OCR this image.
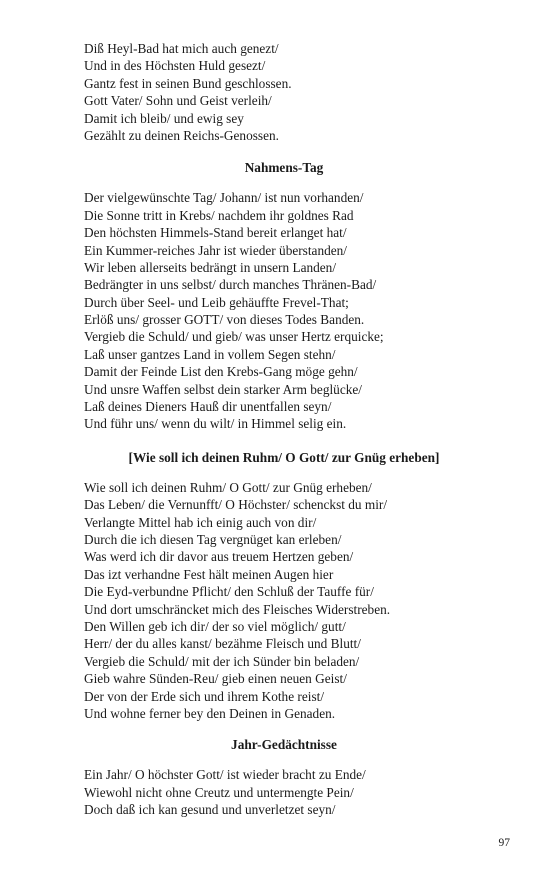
Diß Heyl-Bad hat mich auch genezt/
Und in des Höchsten Huld gesezt/
Gantz fest in seinen Bund geschlossen.
Gott Vater/ Sohn und Geist verleih/
Damit ich bleib/ und ewig sey
Gezählt zu deinen Reichs-Genossen.
Nahmens-Tag
Der vielgewünschte Tag/ Johann/ ist nun vorhanden/
Die Sonne tritt in Krebs/ nachdem ihr goldnes Rad
Den höchsten Himmels-Stand bereit erlanget hat/
Ein Kummer-reiches Jahr ist wieder überstanden/
Wir leben allerseits bedrängt in unsern Landen/
Bedrängter in uns selbst/ durch manches Thränen-Bad/
Durch über Seel- und Leib gehäuffte Frevel-That;
Erlöß uns/ grosser GOTT/ von dieses Todes Banden.
Vergieb die Schuld/ und gieb/ was unser Hertz erquicke;
Laß unser gantzes Land in vollem Segen stehn/
Damit der Feinde List den Krebs-Gang möge gehn/
Und unsre Waffen selbst dein starker Arm beglücke/
Laß deines Dieners Hauß dir unentfallen seyn/
Und führ uns/ wenn du wilt/ in Himmel selig ein.
[Wie soll ich deinen Ruhm/ O Gott/ zur Gnüg erheben]
Wie soll ich deinen Ruhm/ O Gott/ zur Gnüg erheben/
Das Leben/ die Vernunfft/ O Höchster/ schenckst du mir/
Verlangte Mittel hab ich einig auch von dir/
Durch die ich diesen Tag vergnüget kan erleben/
Was werd ich dir davor aus treuem Hertzen geben/
Das izt verhandne Fest hält meinen Augen hier
Die Eyd-verbundne Pflicht/ den Schluß der Tauffe für/
Und dort umschräncket mich des Fleisches Widerstreben.
Den Willen geb ich dir/ der so viel möglich/ gutt/
Herr/ der du alles kanst/ bezähme Fleisch und Blutt/
Vergieb die Schuld/ mit der ich Sünder bin beladen/
Gieb wahre Sünden-Reu/ gieb einen neuen Geist/
Der von der Erde sich und ihrem Kothe reist/
Und wohne ferner bey den Deinen in Genaden.
Jahr-Gedächtnisse
Ein Jahr/ O höchster Gott/ ist wieder bracht zu Ende/
Wiewohl nicht ohne Creutz und untermengte Pein/
Doch daß ich kan gesund und unverletzet seyn/
97
